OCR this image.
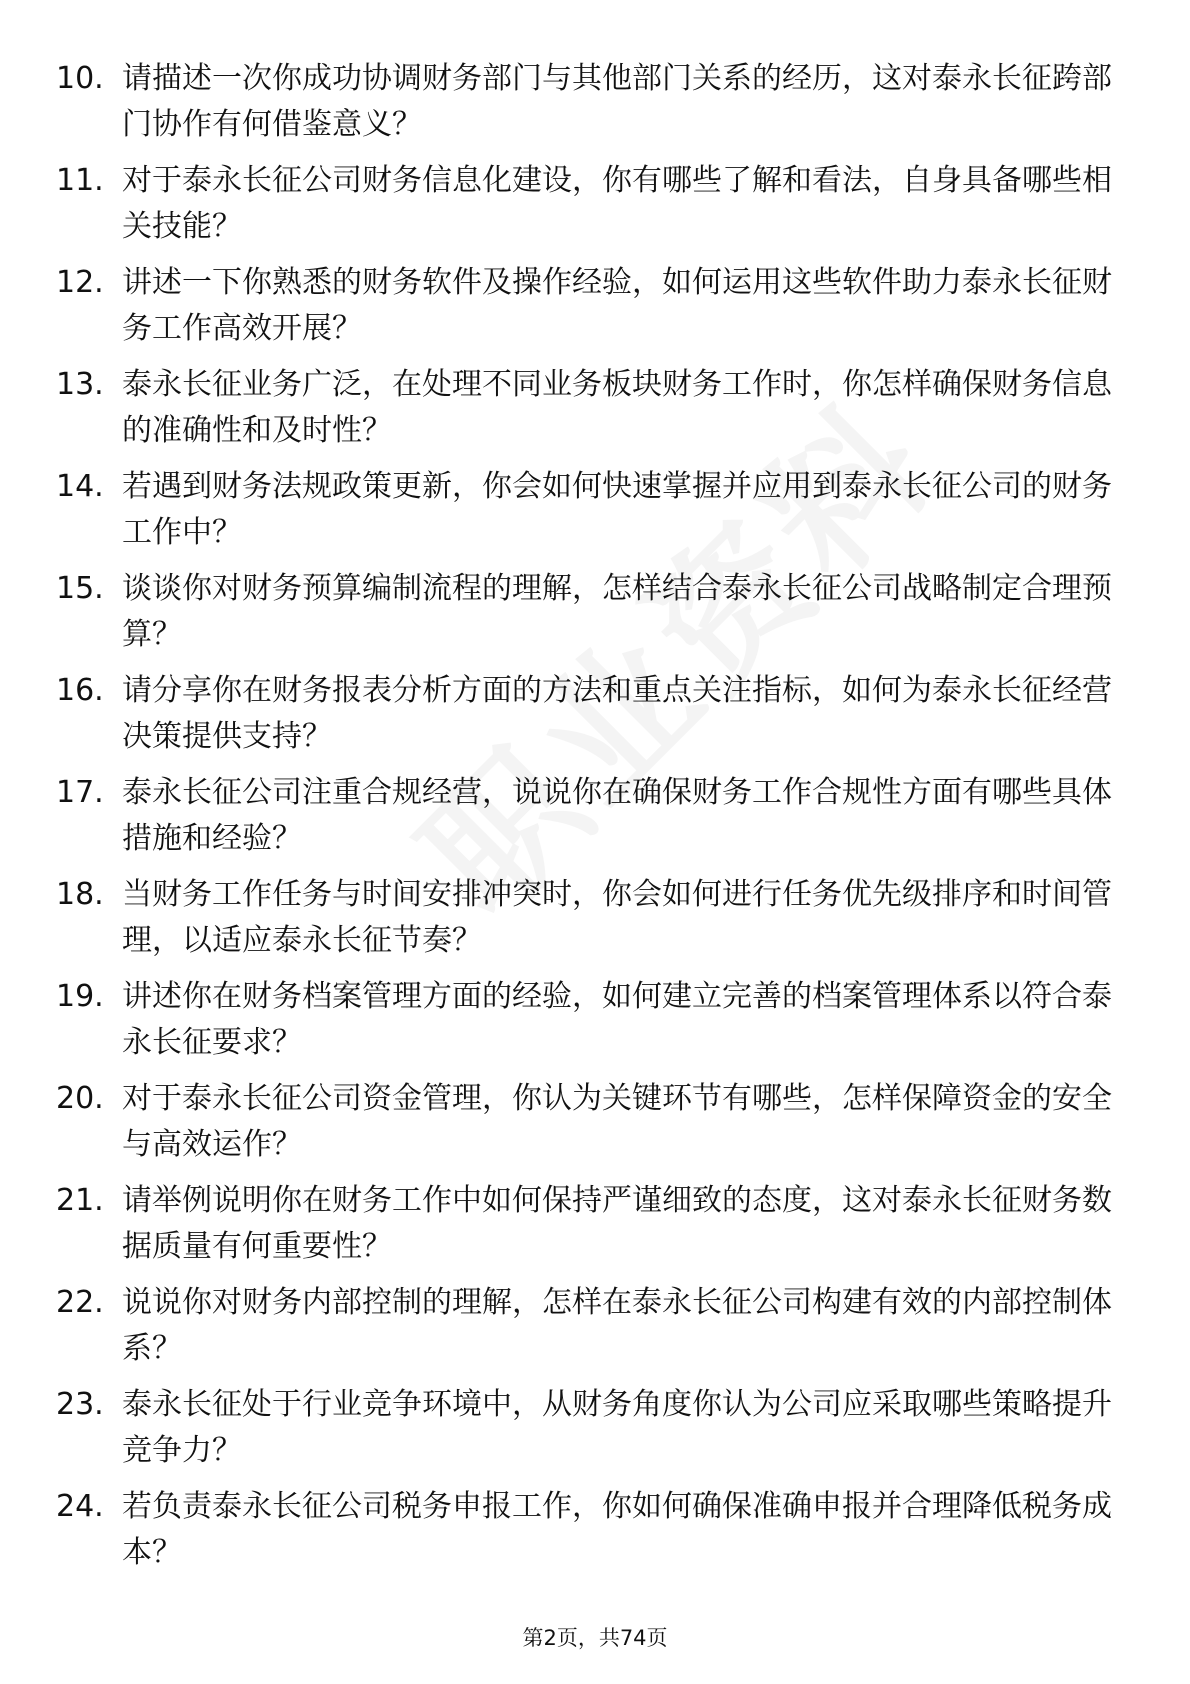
10. 请描述一次你成功协调财务部门与其他部门关系的经历，这对泰永长征跨部门协作有何借鉴意义？
11. 对于泰永长征公司财务信息化建设，你有哪些了解和看法，自身具备哪些相关技能？
12. 讲述一下你熟悉的财务软件及操作经验，如何运用这些软件助力泰永长征财务工作高效开展？
13. 泰永长征业务广泛，在处理不同业务板块财务工作时，你怎样确保财务信息的准确性和及时性？
14. 若遇到财务法规政策更新，你会如何快速掌握并应用到泰永长征公司的财务工作中？
15. 谈谈你对财务预算编制流程的理解，怎样结合泰永长征公司战略制定合理预算？
16. 请分享你在财务报表分析方面的方法和重点关注指标，如何为泰永长征经营决策提供支持？
17. 泰永长征公司注重合规经营，说说你在确保财务工作合规性方面有哪些具体措施和经验？
18. 当财务工作任务与时间安排冲突时，你会如何进行任务优先级排序和时间管理，以适应泰永长征节奏？
19. 讲述你在财务档案管理方面的经验，如何建立完善的档案管理体系以符合泰永长征要求？
20. 对于泰永长征公司资金管理，你认为关键环节有哪些，怎样保障资金的安全与高效运作？
21. 请举例说明你在财务工作中如何保持严谨细致的态度，这对泰永长征财务数据质量有何重要性？
22. 说说你对财务内部控制的理解，怎样在泰永长征公司构建有效的内部控制体系？
23. 泰永长征处于行业竞争环境中，从财务角度你认为公司应采取哪些策略提升竞争力？
24. 若负责泰永长征公司税务申报工作，你如何确保准确申报并合理降低税务成本？
第2页，共74页
